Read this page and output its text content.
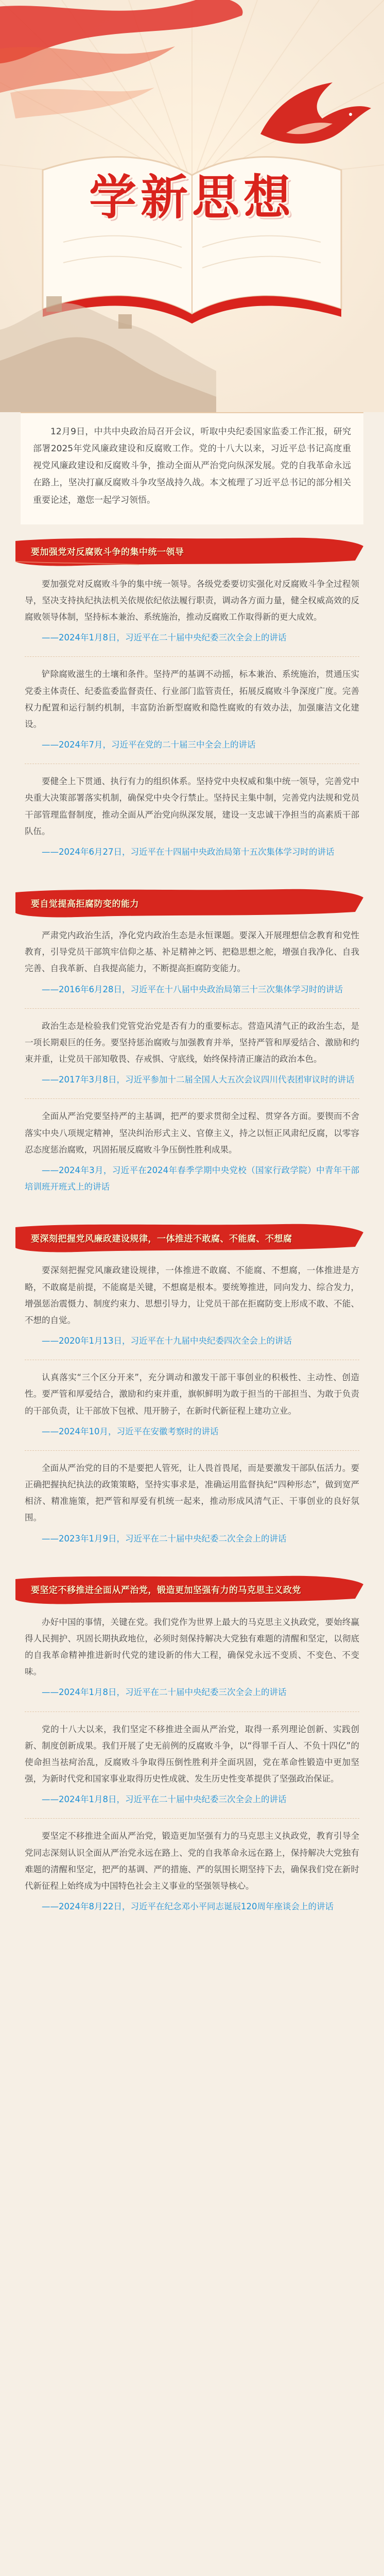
学新思想
12月9日，中共中央政治局召开会议，听取中央纪委国家监委工作汇报，研究部署2025年党风廉政建设和反腐败工作。党的十八大以来，习近平总书记高度重视党风廉政建设和反腐败斗争，推动全面从严治党向纵深发展。党的自我革命永远在路上，坚决打赢反腐败斗争攻坚战持久战。本文梳理了习近平总书记的部分相关重要论述，邀您一起学习领悟。
要加强党对反腐败斗争的集中统一领导

要加强党对反腐败斗争的集中统一领导。各级党委要切实强化对反腐败斗争全过程领导，坚决支持执纪执法机关依规依纪依法履行职责，调动各方面力量，健全权威高效的反腐败领导体制，坚持标本兼治、系统施治，推动反腐败工作取得新的更大成效。

——2024年1月8日，习近平在二十届中央纪委三次全会上的讲话

铲除腐败滋生的土壤和条件。坚持严的基调不动摇，标本兼治、系统施治，贯通压实党委主体责任、纪委监委监督责任、行业部门监管责任，拓展反腐败斗争深度广度。完善权力配置和运行制约机制，丰富防治新型腐败和隐性腐败的有效办法，加强廉洁文化建设。

——2024年7月，习近平在党的二十届三中全会上的讲话

要健全上下贯通、执行有力的组织体系。坚持党中央权威和集中统一领导，完善党中央重大决策部署落实机制，确保党中央令行禁止。坚持民主集中制，完善党内法规和党员干部管理监督制度，推动全面从严治党向纵深发展，建设一支忠诚干净担当的高素质干部队伍。

——2024年6月27日，习近平在十四届中央政治局第十五次集体学习时的讲话

要自觉提高拒腐防变的能力

严肃党内政治生活，净化党内政治生态是永恒课题。要深入开展理想信念教育和党性教育，引导党员干部筑牢信仰之基、补足精神之钙、把稳思想之舵，增强自我净化、自我完善、自我革新、自我提高能力，不断提高拒腐防变能力。

——2016年6月28日，习近平在十八届中央政治局第三十三次集体学习时的讲话

政治生态是检验我们党管党治党是否有力的重要标志。营造风清气正的政治生态，是一项长期艰巨的任务。要坚持惩治腐败与加强教育并举，坚持严管和厚爱结合、激励和约束并重，让党员干部知敬畏、存戒惧、守底线，始终保持清正廉洁的政治本色。

——2017年3月8日，习近平参加十二届全国人大五次会议四川代表团审议时的讲话

全面从严治党要坚持严的主基调，把严的要求贯彻全过程、贯穿各方面。要锲而不舍落实中央八项规定精神，坚决纠治形式主义、官僚主义，持之以恒正风肃纪反腐，以零容忍态度惩治腐败，巩固拓展反腐败斗争压倒性胜利成果。

——2024年3月，习近平在2024年春季学期中央党校（国家行政学院）中青年干部培训班开班式上的讲话

要深刻把握党风廉政建设规律，一体推进不敢腐、不能腐、不想腐

要深刻把握党风廉政建设规律，一体推进不敢腐、不能腐、不想腐，一体推进是方略，不敢腐是前提，不能腐是关键，不想腐是根本。要统筹推进，同向发力、综合发力，增强惩治震慑力、制度约束力、思想引导力，让党员干部在拒腐防变上形成不敢、不能、不想的自觉。

——2020年1月13日，习近平在十九届中央纪委四次全会上的讲话

认真落实“三个区分开来”，充分调动和激发干部干事创业的积极性、主动性、创造性。要严管和厚爱结合，激励和约束并重，旗帜鲜明为敢于担当的干部担当、为敢于负责的干部负责，让干部放下包袱、甩开膀子，在新时代新征程上建功立业。

——2024年10月，习近平在安徽考察时的讲话

全面从严治党的目的不是要把人管死，让人畏首畏尾，而是要激发干部队伍活力。要正确把握执纪执法的政策策略，坚持实事求是，准确运用监督执纪“四种形态”，做到宽严相济、精准施策，把严管和厚爱有机统一起来，推动形成风清气正、干事创业的良好氛围。

——2023年1月9日，习近平在二十届中央纪委二次全会上的讲话

要坚定不移推进全面从严治党，锻造更加坚强有力的马克思主义政党

办好中国的事情，关键在党。我们党作为世界上最大的马克思主义执政党，要始终赢得人民拥护、巩固长期执政地位，必须时刻保持解决大党独有难题的清醒和坚定，以彻底的自我革命精神推进新时代党的建设新的伟大工程，确保党永远不变质、不变色、不变味。

——2024年1月8日，习近平在二十届中央纪委三次全会上的讲话

党的十八大以来，我们坚定不移推进全面从严治党，取得一系列理论创新、实践创新、制度创新成果。我们开展了史无前例的反腐败斗争，以“得罪千百人、不负十四亿”的使命担当祛疴治乱，反腐败斗争取得压倒性胜利并全面巩固，党在革命性锻造中更加坚强，为新时代党和国家事业取得历史性成就、发生历史性变革提供了坚强政治保证。

——2024年1月8日，习近平在二十届中央纪委三次全会上的讲话

要坚定不移推进全面从严治党，锻造更加坚强有力的马克思主义执政党，教育引导全党同志深刻认识全面从严治党永远在路上、党的自我革命永远在路上，保持解决大党独有难题的清醒和坚定，把严的基调、严的措施、严的氛围长期坚持下去，确保我们党在新时代新征程上始终成为中国特色社会主义事业的坚强领导核心。

——2024年8月22日，习近平在纪念邓小平同志诞辰120周年座谈会上的讲话
